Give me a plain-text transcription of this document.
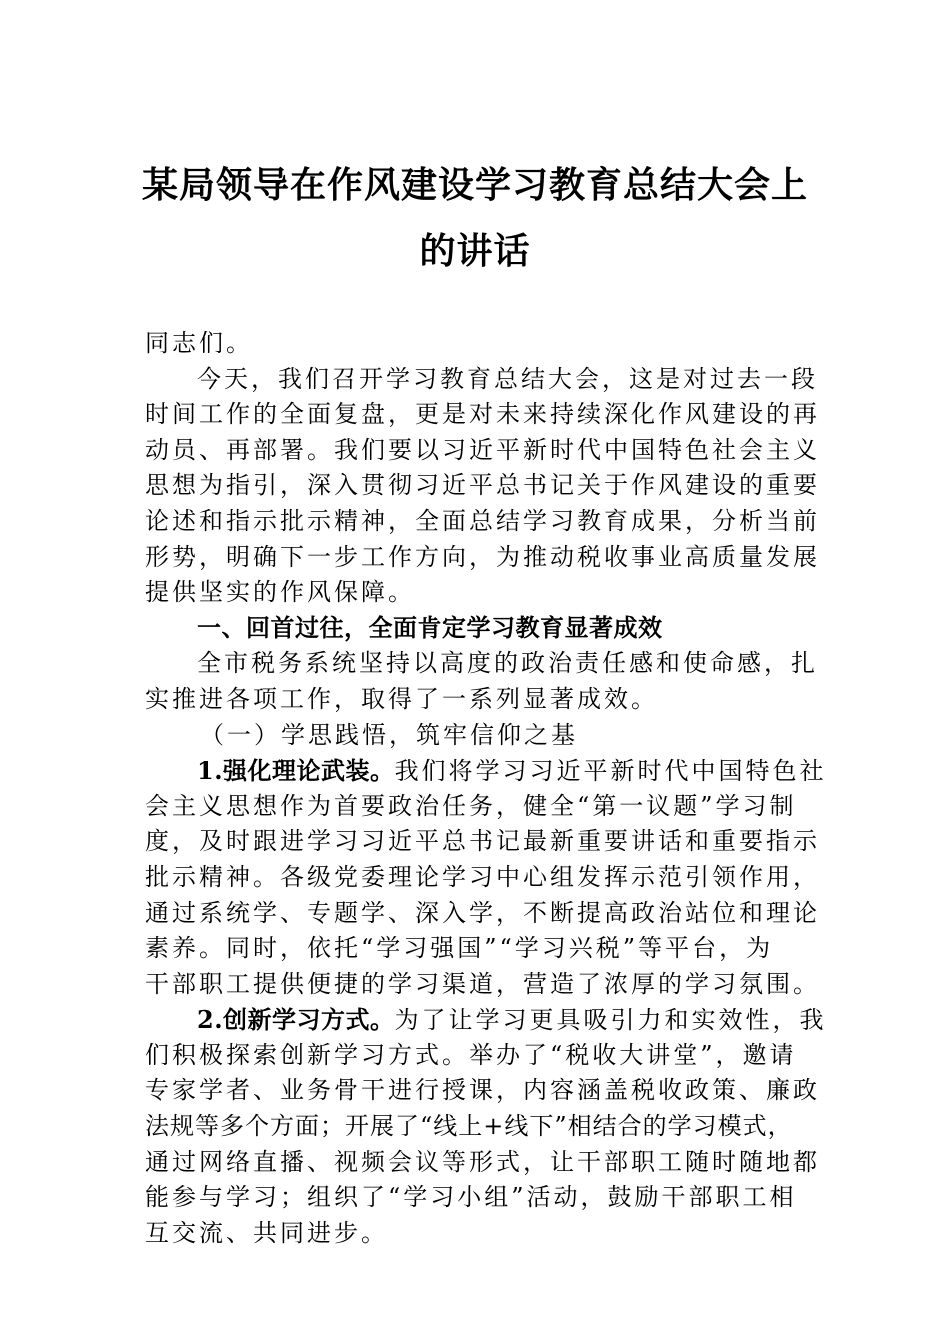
某局领导在作风建设学习教育总结大会上
的讲话
同志们。
今天，我们召开学习教育总结大会，这是对过去一段
时间工作的全面复盘，更是对未来持续深化作风建设的再
动员、再部署。我们要以习近平新时代中国特色社会主义
思想为指引，深入贯彻习近平总书记关于作风建设的重要
论述和指示批示精神，全面总结学习教育成果，分析当前
形势，明确下一步工作方向，为推动税收事业高质量发展
提供坚实的作风保障。
一、回首过往，全面肯定学习教育显著成效
全市税务系统坚持以高度的政治责任感和使命感，扎
实推进各项工作，取得了一系列显著成效。
（一）学思践悟，筑牢信仰之基
1.强化理论武装。我们将学习习近平新时代中国特色社
会主义思想作为首要政治任务，健全“第一议题”学习制
度，及时跟进学习习近平总书记最新重要讲话和重要指示
批示精神。各级党委理论学习中心组发挥示范引领作用，
通过系统学、专题学、深入学，不断提高政治站位和理论
素养。同时，依托“学习强国”“学习兴税”等平台，为
干部职工提供便捷的学习渠道，营造了浓厚的学习氛围。
2.创新学习方式。为了让学习更具吸引力和实效性，我
们积极探索创新学习方式。举办了“税收大讲堂”，邀请
专家学者、业务骨干进行授课，内容涵盖税收政策、廉政
法规等多个方面；开展了“线上+线下”相结合的学习模式，
通过网络直播、视频会议等形式，让干部职工随时随地都
能参与学习；组织了“学习小组”活动，鼓励干部职工相
互交流、共同进步。
